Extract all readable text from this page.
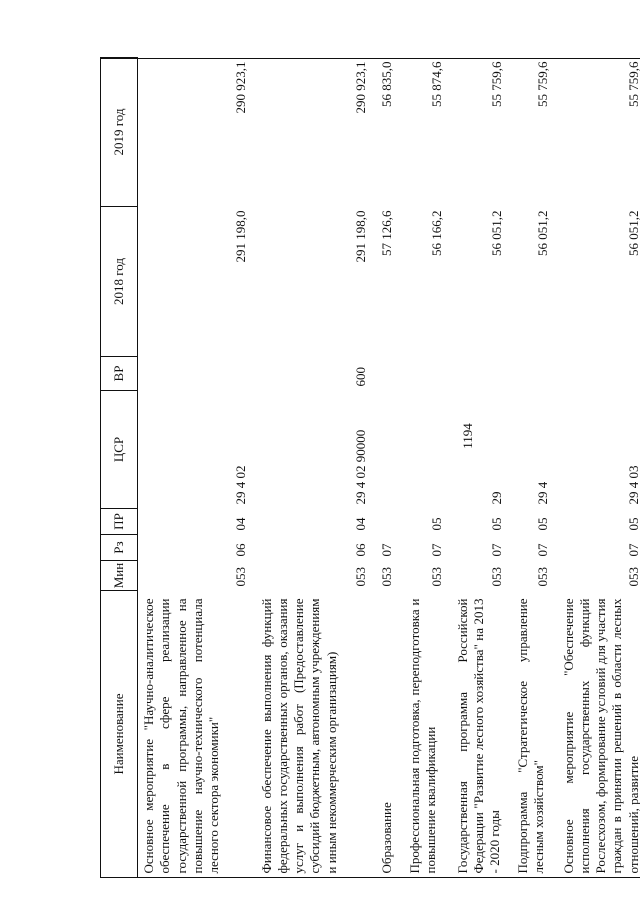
1194
Наименование	Мин	Рз	ПР	ЦСР	ВР	2018 год	2019 год
Основное мероприятие "Научно-аналитическое обеспечение в сфере реализации государственной программы, направленное на повышение научно-технического потенциала лесного сектора экономики"	053	06	04	29 4 02		291 198,0	290 923,1
Финансовое обеспечение выполнения функций федеральных государственных органов, оказания услуг и выполнения работ (Предоставление субсидий бюджетным, автономным учреждениям и иным некоммерческим организациям)	053	06	04	29 4 02 90000	600	291 198,0	290 923,1
Образование	053	07				57 126,6	56 835,0
Профессиональная подготовка, переподготовка и повышение квалификации	053	07	05			56 166,2	55 874,6
Государственная программа Российской Федерации "Развитие лесного хозяйства" на 2013 - 2020 годы	053	07	05	29		56 051,2	55 759,6
Подпрограмма "Стратегическое управление лесным хозяйством"	053	07	05	29 4		56 051,2	55 759,6
Основное мероприятие "Обеспечение исполнения государственных функций Рослесхозом, формирование условий для участия граждан в принятии решений в области лесных отношений, развитие	053	07	05	29 4 03		56 051,2	55 759,6
